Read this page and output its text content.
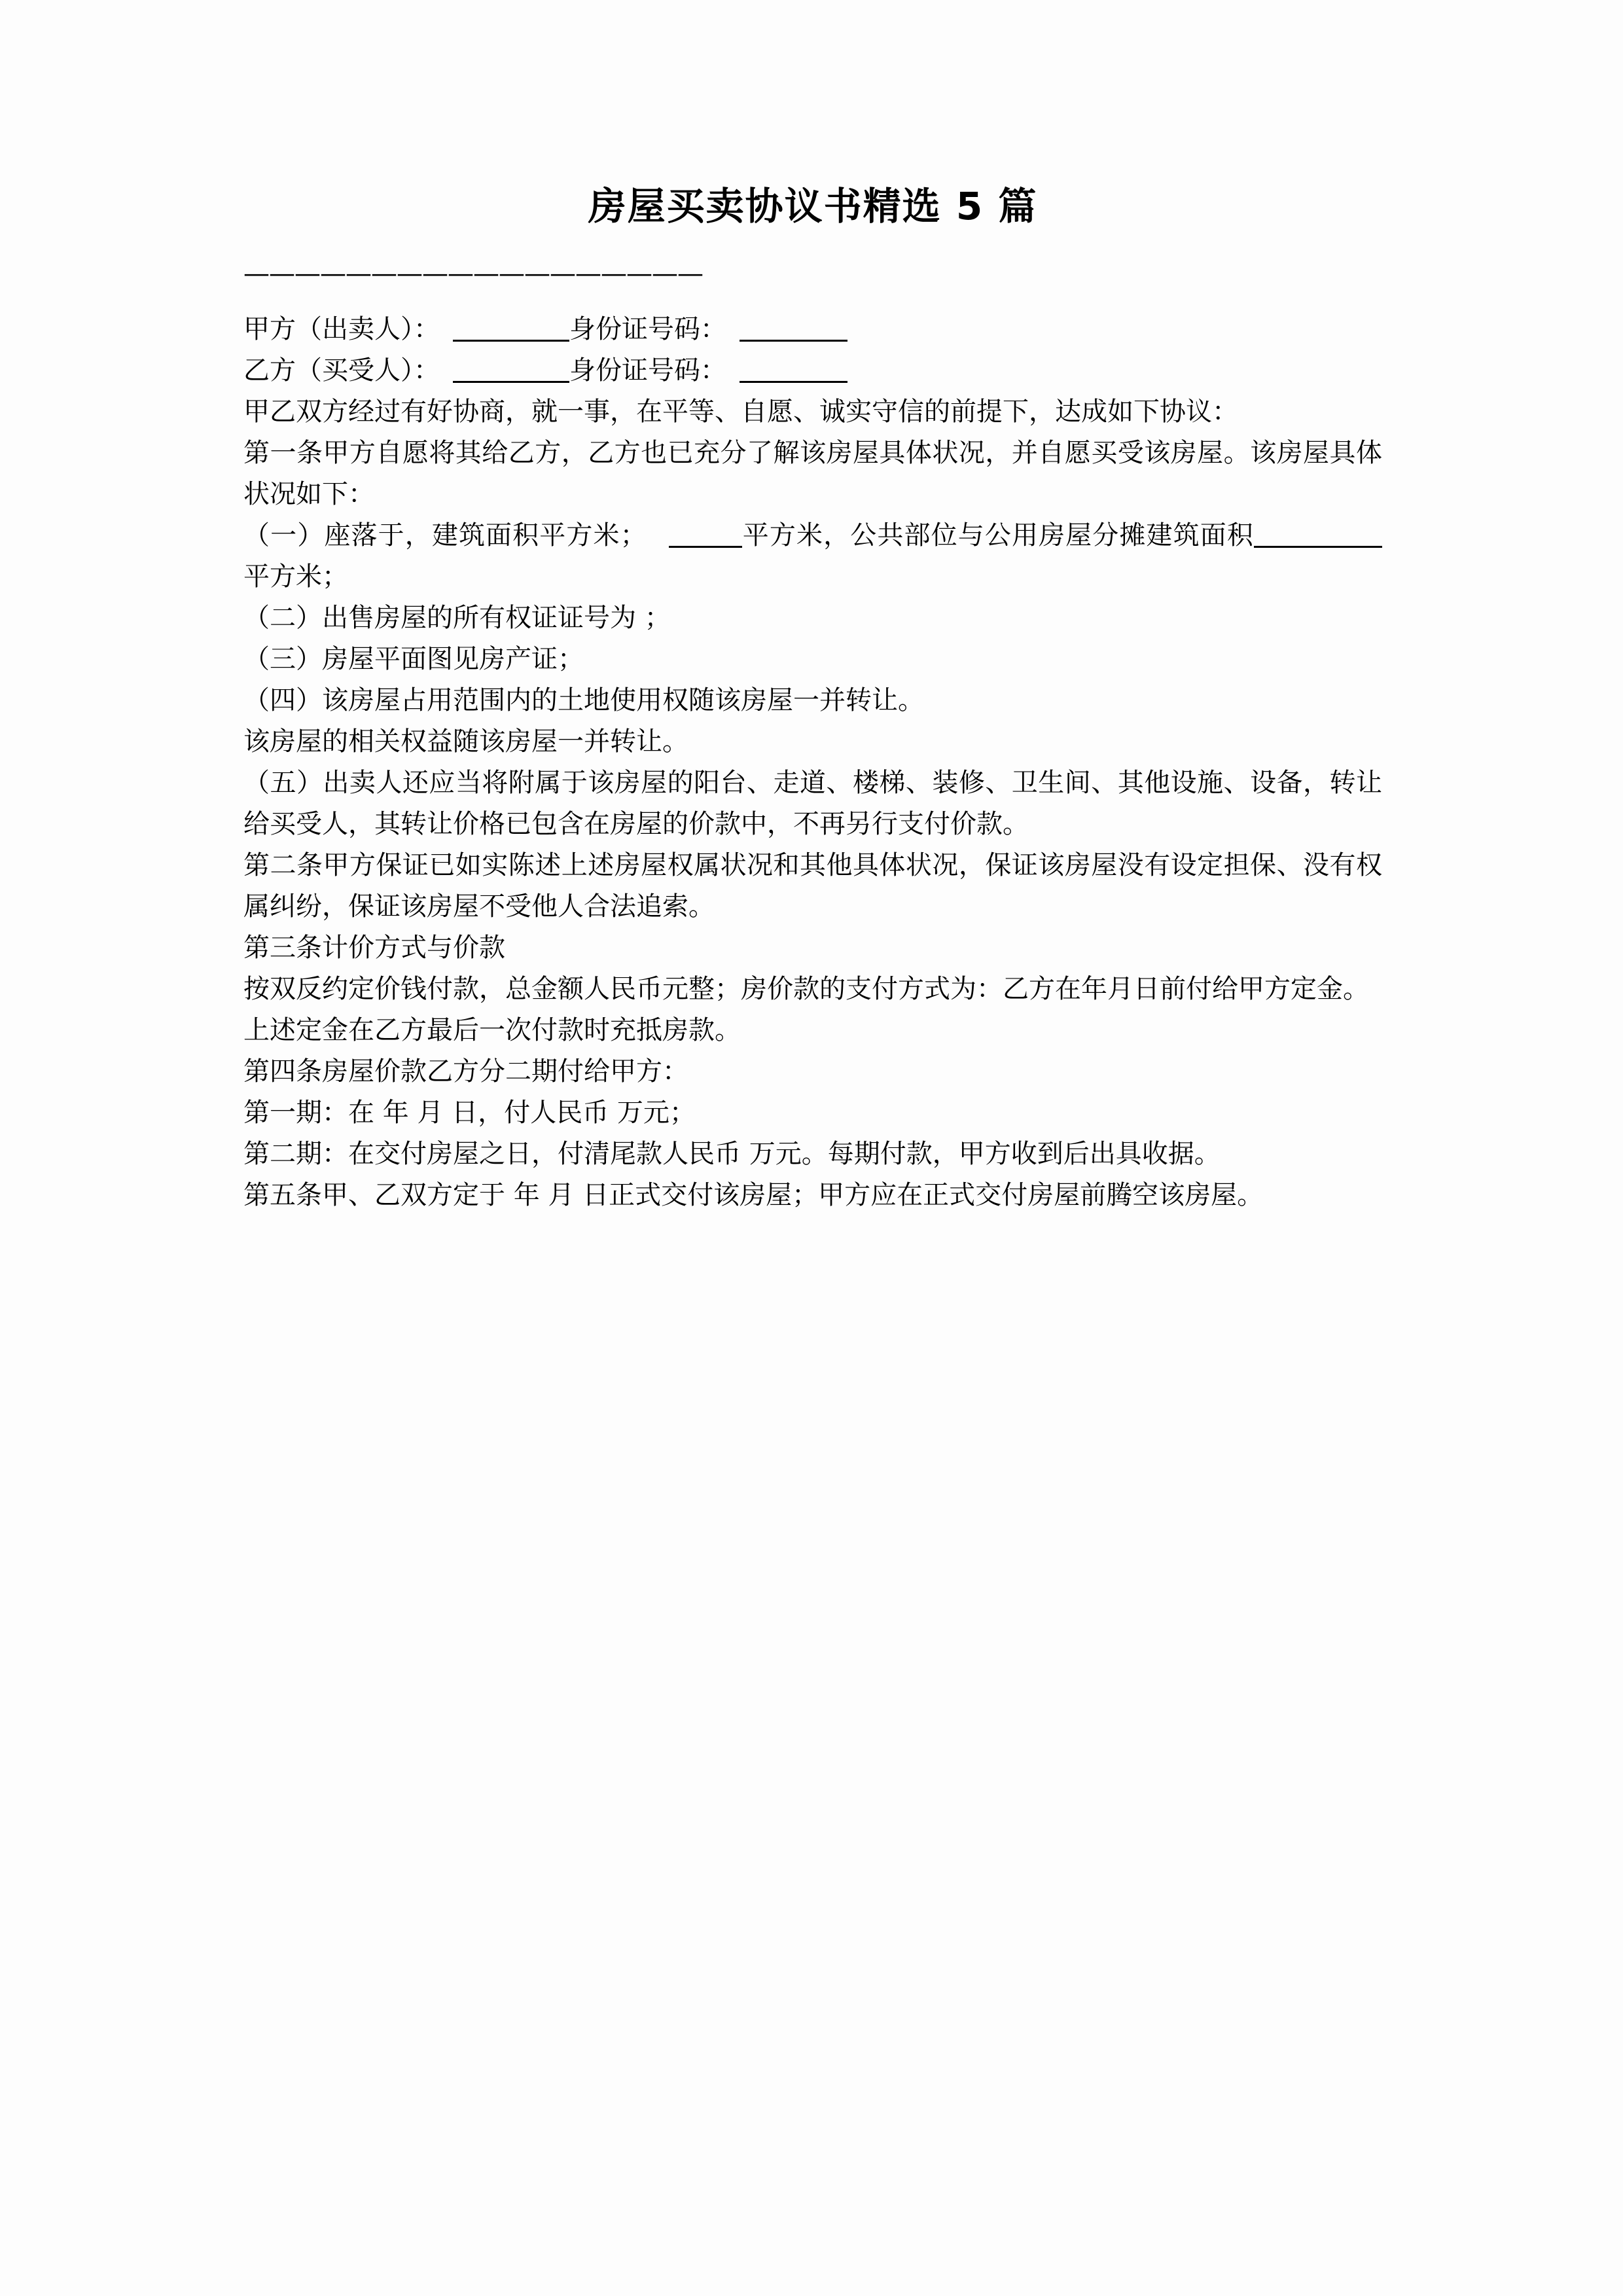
房屋买卖协议书精选 5 篇
——————————————————

甲方（出卖人）：	身份证号码：

乙方（买受人）：	身份证号码：

甲乙双方经过有好协商，就一事，在平等、自愿、诚实守信的前提下，达成如下协议：

第一条甲方自愿将其给乙方，乙方也已充分了解该房屋具体状况，并自愿买受该房屋。该房屋具体状况如下：

（一）座落于，建筑面积平方米；	平方米，公共部位与公用房屋分摊建筑面积平方米；

（二）出售房屋的所有权证证号为 ；

（三）房屋平面图见房产证；

（四）该房屋占用范围内的土地使用权随该房屋一并转让。

该房屋的相关权益随该房屋一并转让。

（五）出卖人还应当将附属于该房屋的阳台、走道、楼梯、装修、卫生间、其他设施、设备，转让给买受人，其转让价格已包含在房屋的价款中，不再另行支付价款。

第二条甲方保证已如实陈述上述房屋权属状况和其他具体状况，保证该房屋没有设定担保、没有权属纠纷，保证该房屋不受他人合法追索。

第三条计价方式与价款

按双反约定价钱付款，总金额人民币元整；房价款的支付方式为：乙方在年月日前付给甲方定金。

上述定金在乙方最后一次付款时充抵房款。

第四条房屋价款乙方分二期付给甲方：

第一期：在 年 月 日，付人民币 万元；

第二期：在交付房屋之日，付清尾款人民币 万元。每期付款，甲方收到后出具收据。

第五条甲、乙双方定于 年 月 日正式交付该房屋；甲方应在正式交付房屋前腾空该房屋。
